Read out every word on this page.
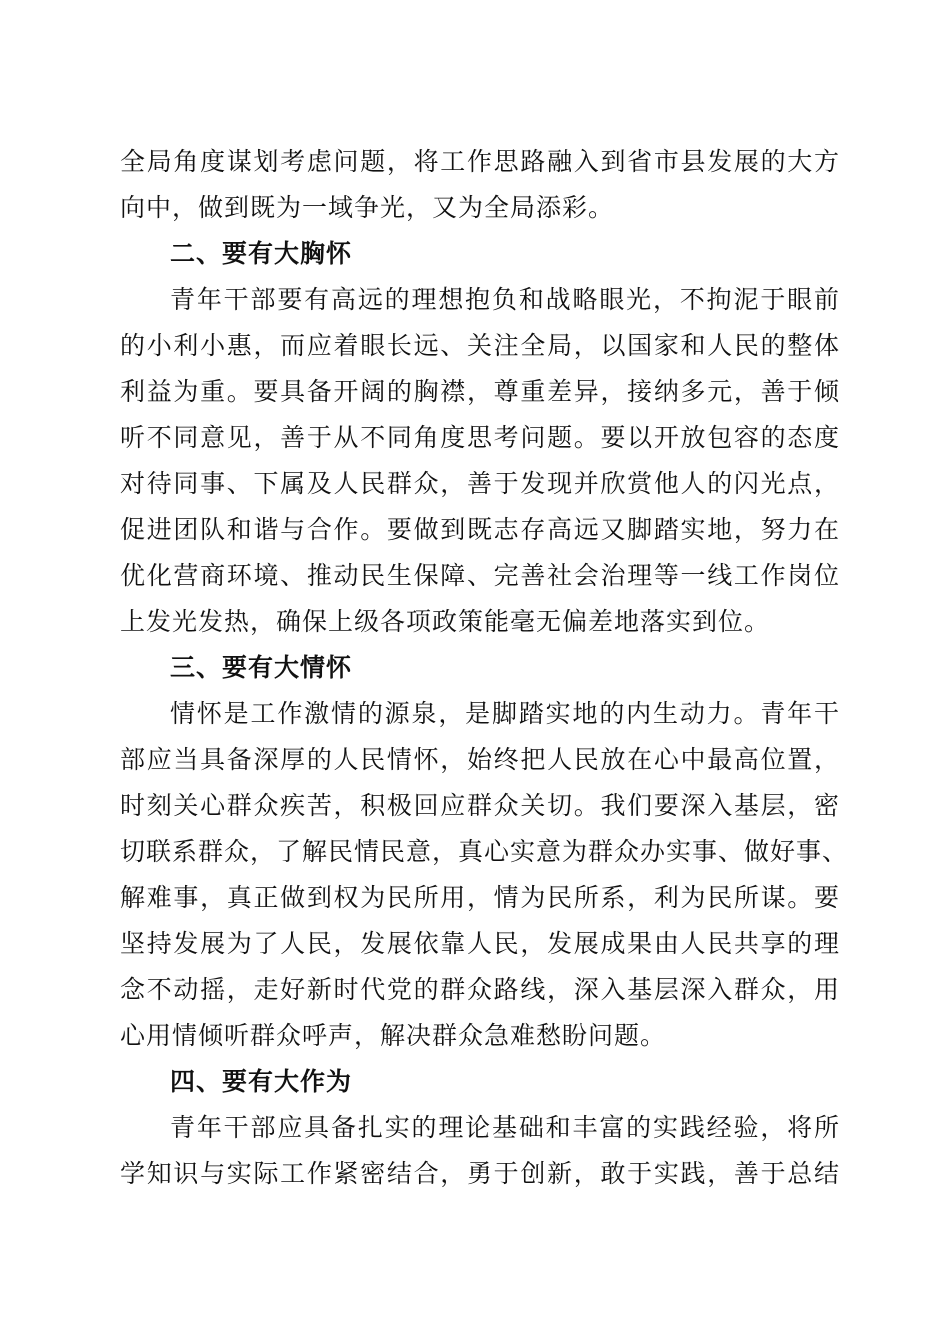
全局角度谋划考虑问题，将工作思路融入到省市县发展的大方
向中，做到既为一域争光，又为全局添彩。
二、要有大胸怀
青年干部要有高远的理想抱负和战略眼光，不拘泥于眼前
的小利小惠，而应着眼长远、关注全局，以国家和人民的整体
利益为重。要具备开阔的胸襟，尊重差异，接纳多元，善于倾
听不同意见，善于从不同角度思考问题。要以开放包容的态度
对待同事、下属及人民群众，善于发现并欣赏他人的闪光点，
促进团队和谐与合作。要做到既志存高远又脚踏实地，努力在
优化营商环境、推动民生保障、完善社会治理等一线工作岗位
上发光发热，确保上级各项政策能毫无偏差地落实到位。
三、要有大情怀
情怀是工作激情的源泉，是脚踏实地的内生动力。青年干
部应当具备深厚的人民情怀，始终把人民放在心中最高位置，
时刻关心群众疾苦，积极回应群众关切。我们要深入基层，密
切联系群众，了解民情民意，真心实意为群众办实事、做好事、
解难事，真正做到权为民所用，情为民所系，利为民所谋。要
坚持发展为了人民，发展依靠人民，发展成果由人民共享的理
念不动摇，走好新时代党的群众路线，深入基层深入群众，用
心用情倾听群众呼声，解决群众急难愁盼问题。
四、要有大作为
青年干部应具备扎实的理论基础和丰富的实践经验，将所
学知识与实际工作紧密结合，勇于创新，敢于实践，善于总结
